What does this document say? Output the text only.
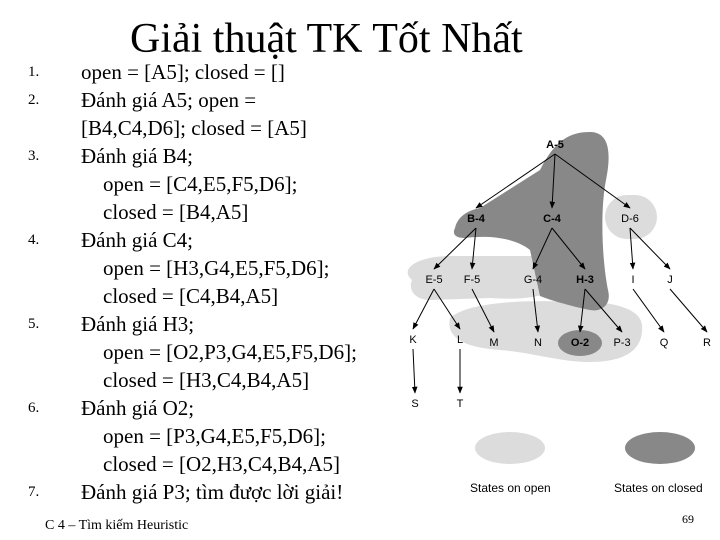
Giải thuật TK Tốt Nhất
1.	open = [A5]; closed = []
2.	Đánh giá A5; open =
[B4,C4,D6]; closed = [A5]
3.	Đánh giá B4;
open = [C4,E5,F5,D6];
closed = [B4,A5]
4.	Đánh giá C4;
open = [H3,G4,E5,F5,D6];
closed = [C4,B4,A5]
5.	Đánh giá H3;
open = [O2,P3,G4,E5,F5,D6];
closed = [H3,C4,B4,A5]
6.	Đánh giá O2;
open = [P3,G4,E5,F5,D6];
closed = [O2,H3,C4,B4,A5]
7.	Đánh giá P3; tìm được lời giải!
A-5
B-4	C-4	D-6
E-5 F-5	G-4	H-3	I	J
K	L M	N	O-2 P-3	Q	R
S	T
States on open	States on closed
C 4 – Tìm kiếm Heuristic	69
